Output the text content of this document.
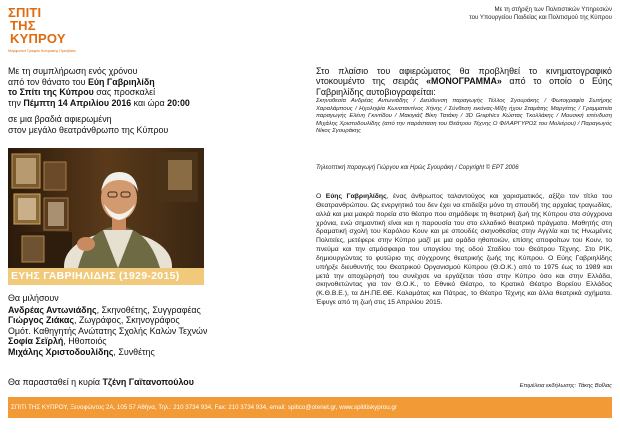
ΣΠΙΤΙ
ΤΗΣ ΚΥΠΡΟΥ
Μορφωτικό Γραφείο Κυπριακής Πρεσβείας
Με τη στήριξη των Πολιτιστικών Υπηρεσιών
του Υπουργείου Παιδείας και Πολιτισμού της Κύπρου

Με τη συμπλήρωση ενός χρόνου

από τον θάνατο του Εύη Γαβριηλίδη

το Σπίτι της Κύπρου σας προσκαλεί

την Πέμπτη 14 Απριλίου 2016 και ώρα 20:00

σε μια βραδιά αφιερωμένη

στον μεγάλο θεατράνθρωπο της Κύπρου

ΕΥΗΣ ΓΑΒΡΙΗΛΙΔΗΣ (1929-2015)
Θα μιλήσουν
Ανδρέας Αντωνιάδης, Σκηνοθέτης, Συγγραφέας
Γιώργος Ζιάκας, Ζωγράφος, Σκηνογράφος
Ομότ. Καθηγητής Ανώτατης Σχολής Καλών Τεχνών
Σοφία Σεϊρλή, Ηθοποιός
Μιχάλης Χριστοδουλίδης, Συνθέτης
Θα παρασταθεί η κυρία Τζένη Γαϊτανοπούλου
Στο πλαίσιο του αφιερώματος θα προβληθεί το κινηματογραφικό ντοκουμέντο της σειράς «ΜΟΝΟΓΡΑΜΜΑ» από το οποίο ο Εύης Γαβριηλίδης αυτοβιογραφείται:
Σκηνοθεσία Ανδρέας Αντωνιάδης / Διεύθυνση παραγωγής Τέλλος Σγουράκης / Φωτογραφία Σωτήρης Χαραλάμπους / Ηχοληψία Κωνσταντίνος Χήνης / Σύνθεση εικόνας-Μίξη ήχου Σταμάτης Μαργέτης / Γραμματεία παραγωγής Ελένη Γκιντίδου / Μακιγιάζ Βίκη Τατάκη / 3D Graphics Κώστας Τκολλάκης / Μουσική επένδυση Μιχάλης Χριστοδουλίδης (από την παράσταση του Θεάτρου Τέχνης Ο ΦΙΛΑΡΓΥΡΟΣ του Μολιέρου) / Παραγωγός Νίκος Σγουράκης
Τηλεοπτική παραγωγή Γιώργου και Ηρώς Σγουράκη / Copyright © ΕΡΤ 2006
Ο Εύης Γαβριηλίδης, ένας άνθρωπος ταλαντούχος και χαρισματικός, αξίζει τον τίτλο του Θεατρανθρώπου. Ως ενεργητικό του δεν έχει να επιδείξει μόνο τη σπουδή της αρχαίας τραγωδίας, αλλά και μια μακρά πορεία στο θέατρο που σημάδεψε τη θεατρική ζωή της Κύπρου στα σύγχρονα χρόνια, ενώ σημαντική είναι και η παρουσία του στο ελλαδικό θεατρικό πράγματα. Μαθητής στη δραματική σχολή του Καρόλου Κουν και με σπουδές σκηνοθεσίας στην Αγγλία και τις Ηνωμένες Πολιτείες, μετέφερε στην Κύπρο μαζί με μια ομάδα ηθοποιών, επίσης αποφοίτων του Κουν, το πνεύμα και την ατμόσφαιρα του υπογείου της οδού Σταδίου του Θεάτρου Τέχνης. Στο ΡΙΚ, δημιουργώντας το φυτώριο της σύγχρονης θεατρικής ζωής της Κύπρου. Ο Εύης Γαβριηλίδης υπήρξε διευθυντής του Θεατρικού Οργανισμού Κύπρου (Θ.Ο.Κ.) από το 1975 έως το 1989 και μετά την αποχώρησή του συνέχισε να εργάζεται τόσο στην Κύπρο όσο και στην Ελλάδα, σκηνοθετώντας για τον Θ.Ο.Κ., το Εθνικό Θέατρο, το Κρατικό Θέατρο Βορείου Ελλάδος (Κ.Θ.Β.Ε.), τα ΔΗ.ΠΕ.ΘΕ. Καλαμάτας και Πάτρας, το Θέατρο Τέχνης και άλλα θεατρικά σχήματα. Έφυγε από τη ζωή στις 15 Απριλίου 2015.
Επιμέλεια εκδήλωσης: Τάκης Βοΐλας
ΣΠΙΤΙ ΤΗΣ ΚΥΠΡΟΥ, Ξενοφώντος 2Α, 105 57 Αθήνα, Τηλ.: 210 3734 934, Fax: 210 3734 934, email: spitico@otenet.gr, www.spititiskyprou.gr
